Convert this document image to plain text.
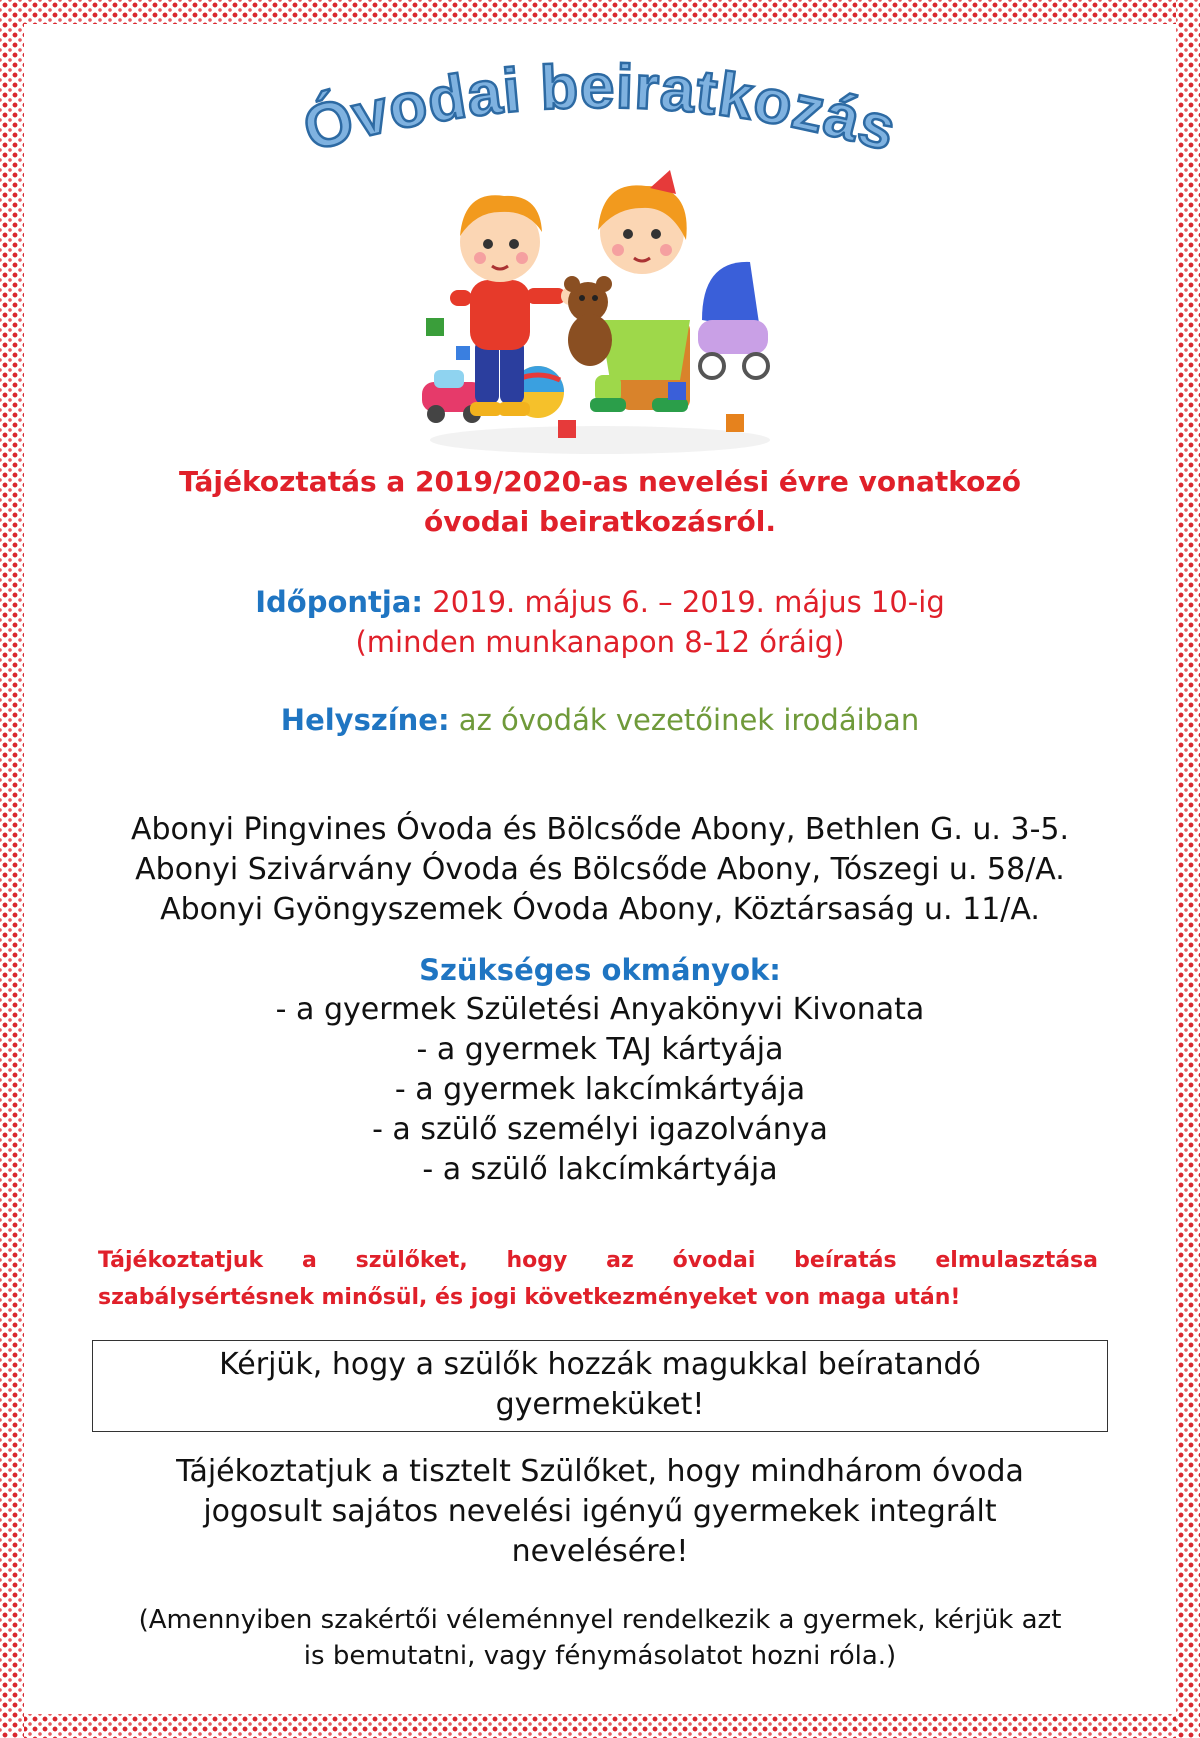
Óvodai beiratkozás
Tájékoztatás a 2019/2020-as nevelési évre vonatkozó
óvodai beiratkozásról.
Időpontja: 2019. május 6. – 2019. május 10-ig
(minden munkanapon 8-12 óráig)
Helyszíne: az óvodák vezetőinek irodáiban
Abonyi Pingvines Óvoda és Bölcsőde Abony, Bethlen G. u. 3-5.
Abonyi Szivárvány Óvoda és Bölcsőde Abony, Tószegi u. 58/A.
Abonyi Gyöngyszemek Óvoda Abony, Köztársaság u. 11/A.
Szükséges okmányok:
- a gyermek Születési Anyakönyvi Kivonata
- a gyermek TAJ kártyája
- a gyermek lakcímkártyája
- a szülő személyi igazolványa
- a szülő lakcímkártyája
Tájékoztatjuk a szülőket, hogy az óvodai beíratás elmulasztása
szabálysértésnek minősül, és jogi következményeket von maga után!
Kérjük, hogy a szülők hozzák magukkal beíratandó
gyermeküket!
Tájékoztatjuk a tisztelt Szülőket, hogy mindhárom óvoda
jogosult sajátos nevelési igényű gyermekek integrált
nevelésére!
(Amennyiben szakértői véleménnyel rendelkezik a gyermek, kérjük azt
is bemutatni, vagy fénymásolatot hozni róla.)
